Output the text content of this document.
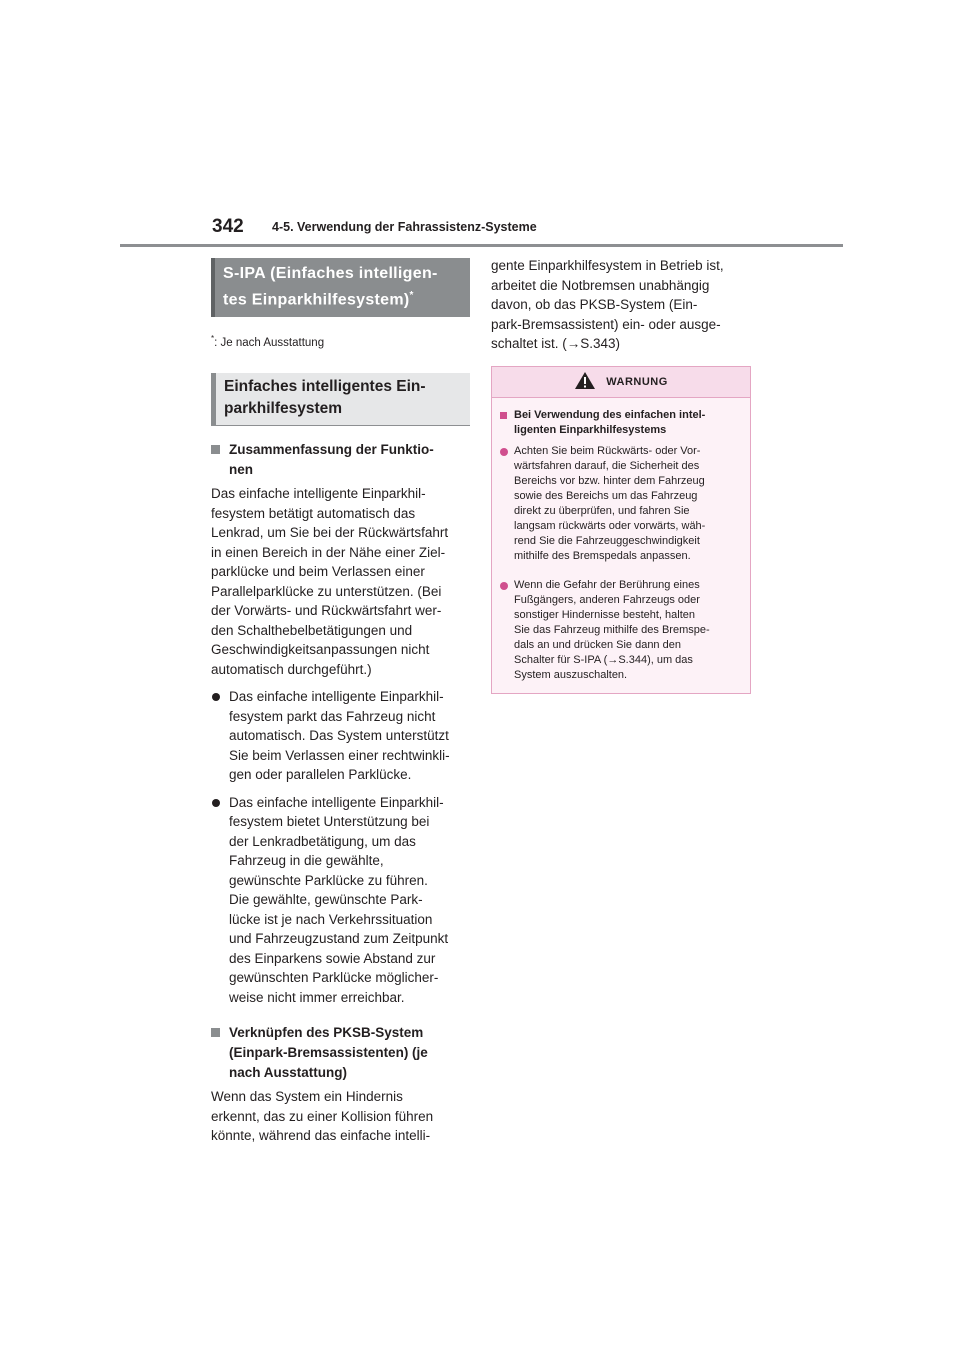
342 4-5. Verwendung der Fahrassistenz-Systeme
S-IPA (Einfaches intelligen-
tes Einparkhilfesystem)*
*: Je nach Ausstattung
Einfaches intelligentes Ein-
parkhilfesystem
Zusammenfassung der Funktio-
nen
Das einfache intelligente Einparkhil-
fesystem betätigt automatisch das
Lenkrad, um Sie bei der Rückwärtsfahrt
in einen Bereich in der Nähe einer Ziel-
parklücke und beim Verlassen einer
Parallelparklücke zu unterstützen. (Bei
der Vorwärts- und Rückwärtsfahrt wer-
den Schalthebelbetätigungen und
Geschwindigkeitsanpassungen nicht
automatisch durchgeführt.)
Das einfache intelligente Einparkhil-
fesystem parkt das Fahrzeug nicht
automatisch. Das System unterstützt
Sie beim Verlassen einer rechtwinkli-
gen oder parallelen Parklücke.
Das einfache intelligente Einparkhil-
fesystem bietet Unterstützung bei
der Lenkradbetätigung, um das
Fahrzeug in die gewählte,
gewünschte Parklücke zu führen.
Die gewählte, gewünschte Park-
lücke ist je nach Verkehrssituation
und Fahrzeugzustand zum Zeitpunkt
des Einparkens sowie Abstand zur
gewünschten Parklücke möglicher-
weise nicht immer erreichbar.
Verknüpfen des PKSB-System
(Einpark-Bremsassistenten) (je
nach Ausstattung)
Wenn das System ein Hindernis
erkennt, das zu einer Kollision führen
könnte, während das einfache intelli-
gente Einparkhilfesystem in Betrieb ist,
arbeitet die Notbremsen unabhängig
davon, ob das PKSB-System (Ein-
park-Bremsassistent) ein- oder ausge-
schaltet ist. (→S.343)
WARNUNG
Bei Verwendung des einfachen intel-
ligenten Einparkhilfesystems
Achten Sie beim Rückwärts- oder Vor-
wärtsfahren darauf, die Sicherheit des
Bereichs vor bzw. hinter dem Fahrzeug
sowie des Bereichs um das Fahrzeug
direkt zu überprüfen, und fahren Sie
langsam rückwärts oder vorwärts, wäh-
rend Sie die Fahrzeuggeschwindigkeit
mithilfe des Bremspedals anpassen.
Wenn die Gefahr der Berührung eines
Fußgängers, anderen Fahrzeugs oder
sonstiger Hindernisse besteht, halten
Sie das Fahrzeug mithilfe des Bremspe-
dals an und drücken Sie dann den
Schalter für S-IPA (→S.344), um das
System auszuschalten.
